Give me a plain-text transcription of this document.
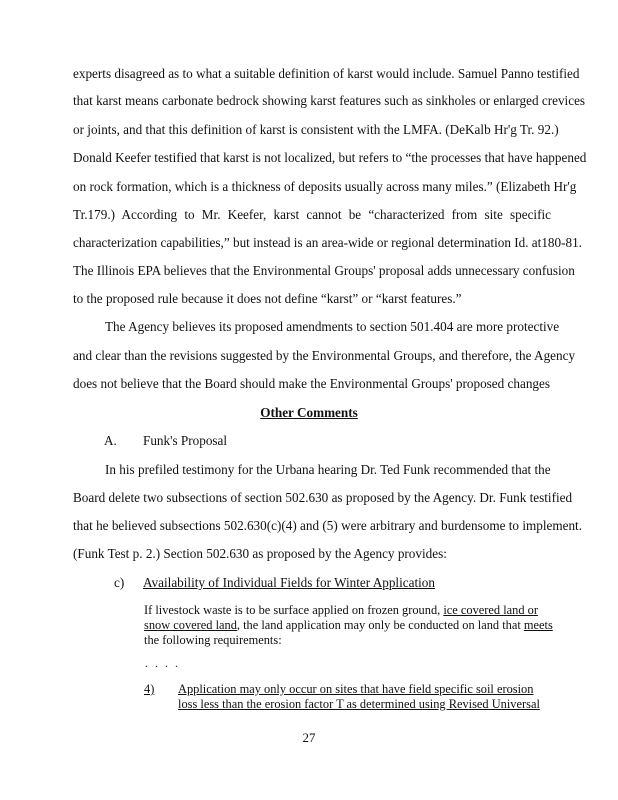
experts disagreed as to what a suitable definition of karst would include. Samuel Panno testified
that karst means carbonate bedrock showing karst features such as sinkholes or enlarged crevices
or joints, and that this definition of karst is consistent with the LMFA. (DeKalb Hr'g Tr. 92.)
Donald Keefer testified that karst is not localized, but refers to “the processes that have happened
on rock formation, which is a thickness of deposits usually across many miles.” (Elizabeth Hr'g
Tr.179.) According to Mr. Keefer, karst cannot be “characterized from site specific
characterization capabilities,” but instead is an area-wide or regional determination Id. at180-81.
The Illinois EPA believes that the Environmental Groups' proposal adds unnecessary confusion
to the proposed rule because it does not define “karst” or “karst features.”
The Agency believes its proposed amendments to section 501.404 are more protective
and clear than the revisions suggested by the Environmental Groups, and therefore, the Agency
does not believe that the Board should make the Environmental Groups' proposed changes
Other Comments
A. Funk's Proposal
In his prefiled testimony for the Urbana hearing Dr. Ted Funk recommended that the
Board delete two subsections of section 502.630 as proposed by the Agency. Dr. Funk testified
that he believed subsections 502.630(c)(4) and (5) were arbitrary and burdensome to implement.
(Funk Test p. 2.) Section 502.630 as proposed by the Agency provides:
c) Availability of Individual Fields for Winter Application
If livestock waste is to be surface applied on frozen ground, ice covered land or
snow covered land, the land application may only be conducted on land that meets
the following requirements:
. . . .
4) Application may only occur on sites that have field specific soil erosion
loss less than the erosion factor T as determined using Revised Universal
27
